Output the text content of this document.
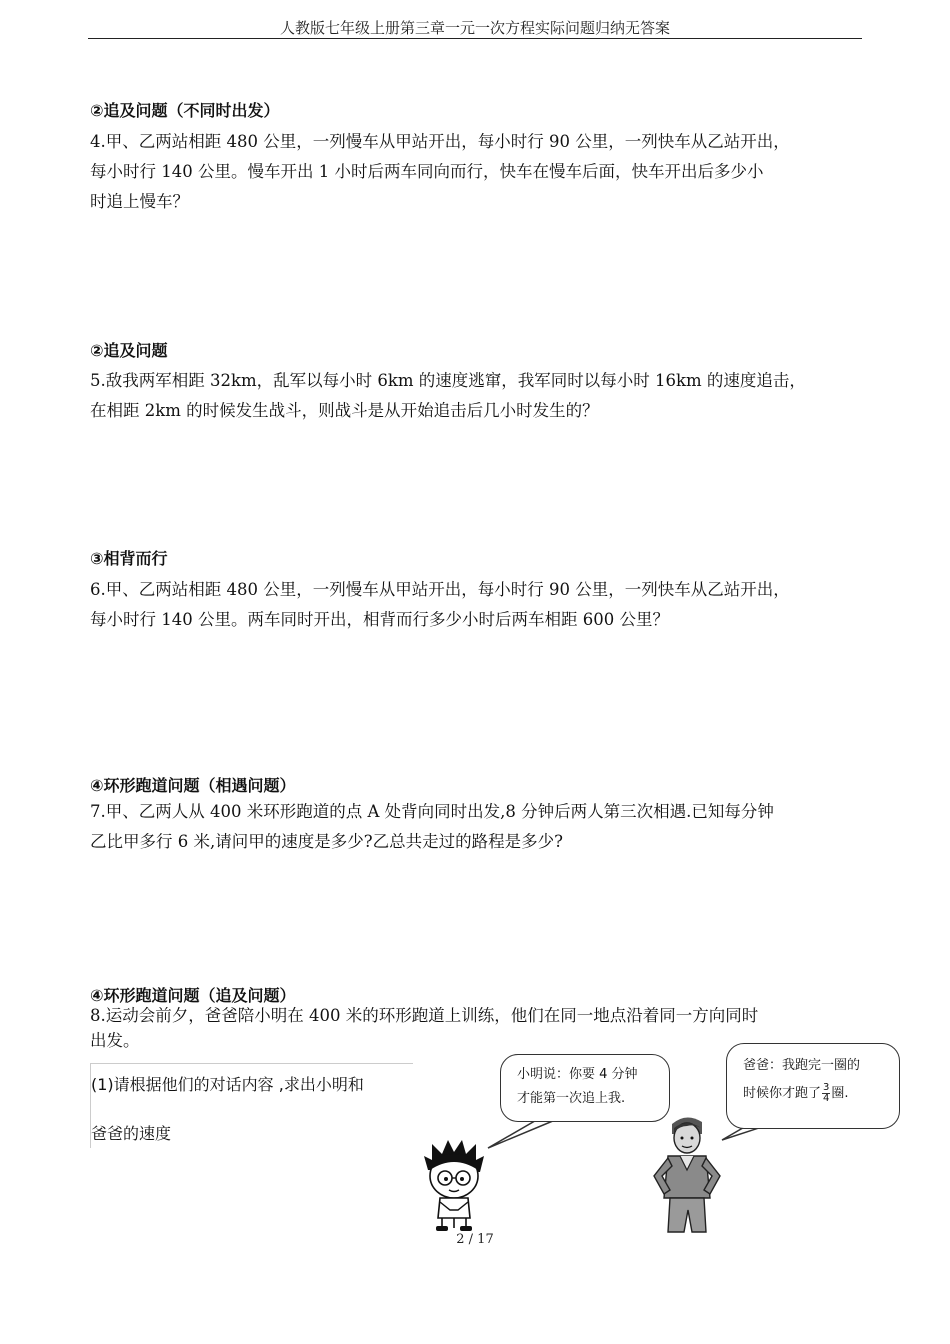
人教版七年级上册第三章一元一次方程实际问题归纳无答案
②追及问题（不同时出发）
4.甲、乙两站相距 480 公里，一列慢车从甲站开出，每小时行 90 公里，一列快车从乙站开出，
每小时行 140 公里。慢车开出 1 小时后两车同向而行，快车在慢车后面，快车开出后多少小
时追上慢车？
②追及问题
5.敌我两军相距 32km，乱军以每小时 6km 的速度逃窜，我军同时以每小时 16km 的速度追击，
在相距 2km 的时候发生战斗，则战斗是从开始追击后几小时发生的？
③相背而行
6.甲、乙两站相距 480 公里，一列慢车从甲站开出，每小时行 90 公里，一列快车从乙站开出，
每小时行 140 公里。两车同时开出，相背而行多少小时后两车相距 600 公里？
④环形跑道问题（相遇问题）
7.甲、乙两人从 400 米环形跑道的点 A 处背向同时出发,8 分钟后两人第三次相遇.已知每分钟
乙比甲多行 6 米,请问甲的速度是多少?乙总共走过的路程是多少?
④环形跑道问题（追及问题）
8.运动会前夕，爸爸陪小明在 400 米的环形跑道上训练，他们在同一地点沿着同一方向同时
出发。
(1)请根据他们的对话内容 ,求出小明和
爸爸的速度
小明说：你要 4 分钟
才能第一次追上我.
爸爸：我跑完一圈的
时候你才跑了 $\frac{3}{4}$ 圈.
2 / 17
